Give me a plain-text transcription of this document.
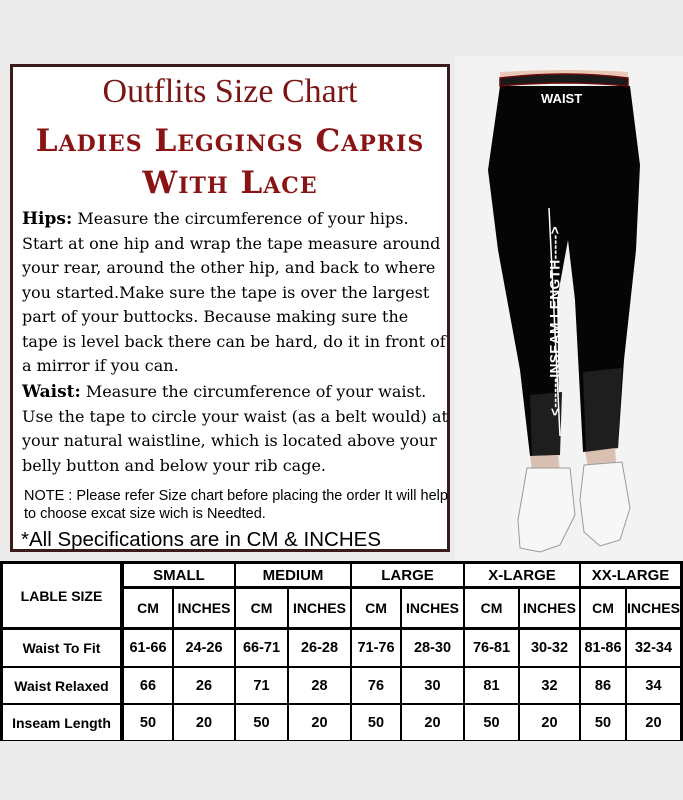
Outflits Size Chart
Ladies Leggings Capris
With Lace
Hips: Measure the circumference of your hips. Start at one hip and wrap the tape measure around your rear, around the other hip, and back to where you started.Make sure the tape is over the largest part of your buttocks. Because making sure the tape is level back there can be hard, do it in front of a mirror if you can.
Waist: Measure the circumference of your waist. Use the tape to circle your waist (as a belt would) at your natural waistline, which is located above your belly button and below your rib cage.
NOTE : Please refer Size chart before placing the order It will help to choose excat size wich is Needted.
*All Specifications are in CM & INCHES
WAIST
<------INSEAM LENGTH----->
LABLE SIZE
SMALL	MEDIUM	LARGE	X-LARGE	XX-LARGE
CM	INCHES	CM	INCHES	CM	INCHES	CM	INCHES	CM INCHES
Waist To Fit	61-66	24-26	66-71	26-28	71-76	28-30	76-81	30-32	81-86 32-34
Waist Relaxed	66	26	71	28	76	30	81	32	86	34
Inseam Length	50	20	50	20	50	20	50	20	50	20
